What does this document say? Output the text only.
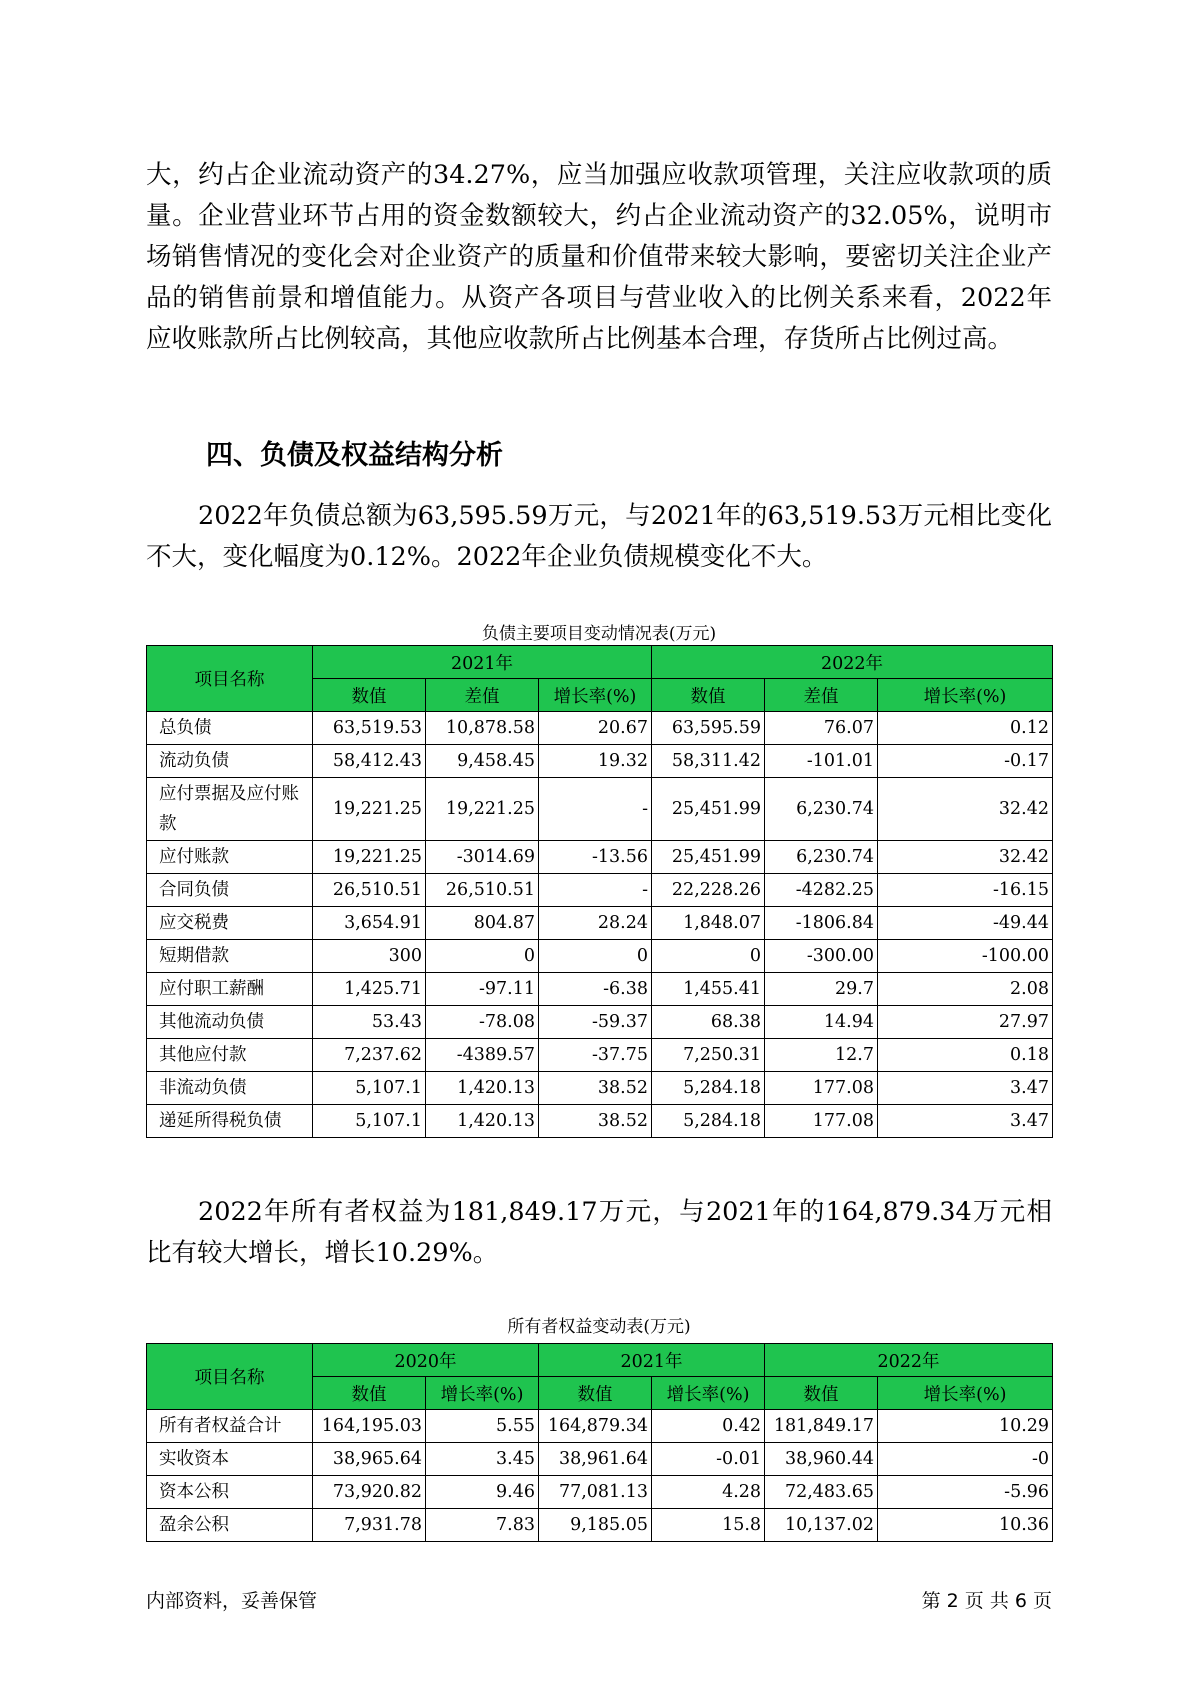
大，约占企业流动资产的34.27%，应当加强应收款项管理，关注应收款项的质量。企业营业环节占用的资金数额较大，约占企业流动资产的32.05%，说明市场销售情况的变化会对企业资产的质量和价值带来较大影响，要密切关注企业产品的销售前景和增值能力。从资产各项目与营业收入的比例关系来看，2022年应收账款所占比例较高，其他应收款所占比例基本合理，存货所占比例过高。

四、负债及权益结构分析

2022年负债总额为63,595.59万元，与2021年的63,519.53万元相比变化不大，变化幅度为0.12%。2022年企业负债规模变化不大。

负债主要项目变动情况表(万元)
项目名称	2021年			2022年		
	数值	差值	增长率(%)	数值	差值	增长率(%)
总负债	63,519.53	10,878.58	20.67	63,595.59	76.07	0.12
流动负债	58,412.43	9,458.45	19.32	58,311.42	-101.01	-0.17
应付票据及应付账款	19,221.25	19,221.25	-	25,451.99	6,230.74	32.42
应付账款	19,221.25	-3014.69	-13.56	25,451.99	6,230.74	32.42
合同负债	26,510.51	26,510.51	-	22,228.26	-4282.25	-16.15
应交税费	3,654.91	804.87	28.24	1,848.07	-1806.84	-49.44
短期借款	300	0	0	0	-300.00	-100.00
应付职工薪酬	1,425.71	-97.11	-6.38	1,455.41	29.7	2.08
其他流动负债	53.43	-78.08	-59.37	68.38	14.94	27.97
其他应付款	7,237.62	-4389.57	-37.75	7,250.31	12.7	0.18
非流动负债	5,107.1	1,420.13	38.52	5,284.18	177.08	3.47
递延所得税负债	5,107.1	1,420.13	38.52	5,284.18	177.08	3.47

2022年所有者权益为181,849.17万元，与2021年的164,879.34万元相比有较大增长，增长10.29%。

所有者权益变动表(万元)
项目名称	2020年		2021年		2022年	
	数值	增长率(%)	数值	增长率(%)	数值	增长率(%)
所有者权益合计	164,195.03	5.55	164,879.34	0.42	181,849.17	10.29
实收资本	38,965.64	3.45	38,961.64	-0.01	38,960.44	-0
资本公积	73,920.82	9.46	77,081.13	4.28	72,483.65	-5.96
盈余公积	7,931.78	7.83	9,185.05	15.8	10,137.02	10.36
内部资料，妥善保管	第 2 页 共 6 页
